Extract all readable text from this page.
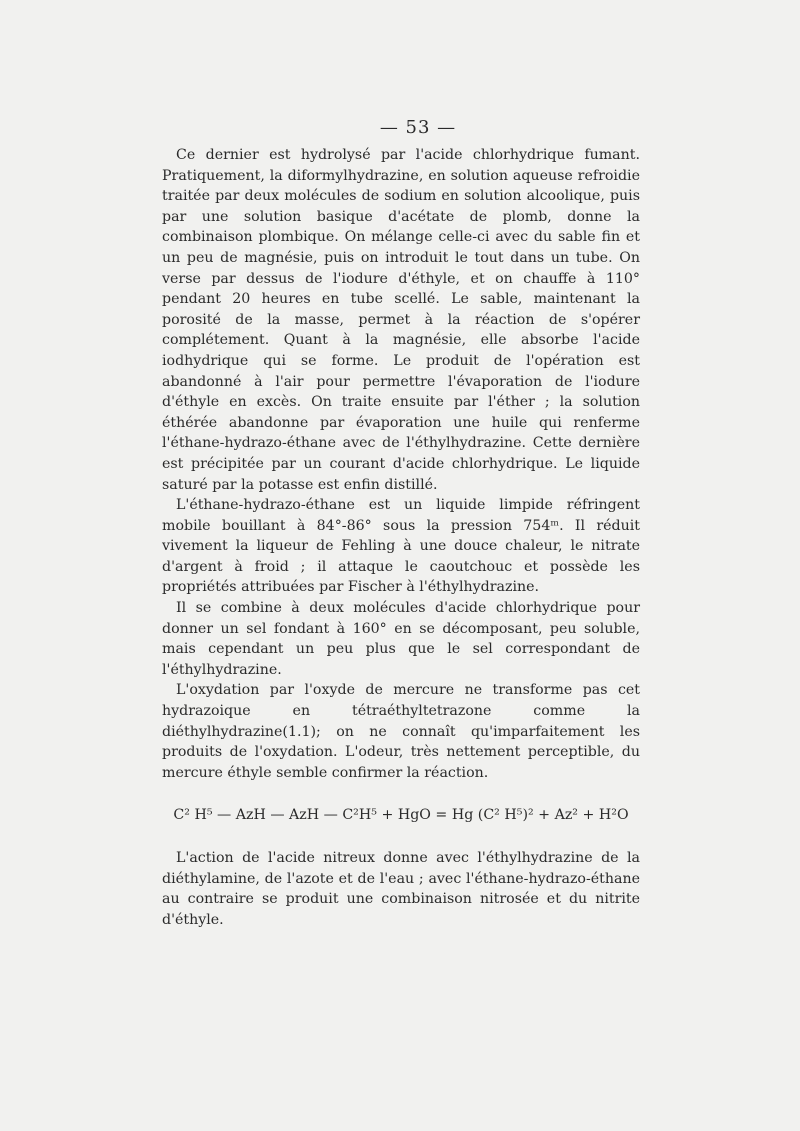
— 53 —

Ce dernier est hydrolysé par l'acide chlorhydrique fumant. Pratiquement, la diformylhydrazine, en solution aqueuse refroidie traitée par deux molécules de sodium en solution alcoolique, puis par une solution basique d'acétate de plomb, donne la combinaison plombique. On mélange celle-ci avec du sable fin et un peu de magnésie, puis on introduit le tout dans un tube. On verse par dessus de l'iodure d'éthyle, et on chauffe à 110° pendant 20 heures en tube scellé. Le sable, maintenant la porosité de la masse, permet à la réaction de s'opérer complétement. Quant à la magnésie, elle absorbe l'acide iodhydrique qui se forme. Le produit de l'opération est abandonné à l'air pour permettre l'évaporation de l'iodure d'éthyle en excès. On traite ensuite par l'éther ; la solution éthérée abandonne par évaporation une huile qui renferme l'éthane-hydrazo-éthane avec de l'éthylhydrazine. Cette dernière est précipitée par un courant d'acide chlorhydrique. Le liquide saturé par la potasse est enfin distillé.

L'éthane-hydrazo-éthane est un liquide limpide réfringent mobile bouillant à 84°-86° sous la pression 754ᵐ. Il réduit vivement la liqueur de Fehling à une douce chaleur, le nitrate d'argent à froid ; il attaque le caoutchouc et possède les propriétés attribuées par Fischer à l'éthylhydrazine.

Il se combine à deux molécules d'acide chlorhydrique pour donner un sel fondant à 160° en se décomposant, peu soluble, mais cependant un peu plus que le sel correspondant de l'éthylhydrazine.

L'oxydation par l'oxyde de mercure ne transforme pas cet hydrazoique en tétraéthyltetrazone comme la diéthylhydrazine(1.1); on ne connaît qu'imparfaitement les produits de l'oxydation. L'odeur, très nettement perceptible, du mercure éthyle semble confirmer la réaction.

C² H⁵ — AzH — AzH — C²H⁵ + HgO = Hg (C² H⁵)² + Az² + H²O

L'action de l'acide nitreux donne avec l'éthylhydrazine de la diéthylamine, de l'azote et de l'eau ; avec l'éthane-hydrazo-éthane au contraire se produit une combinaison nitrosée et du nitrite d'éthyle.
